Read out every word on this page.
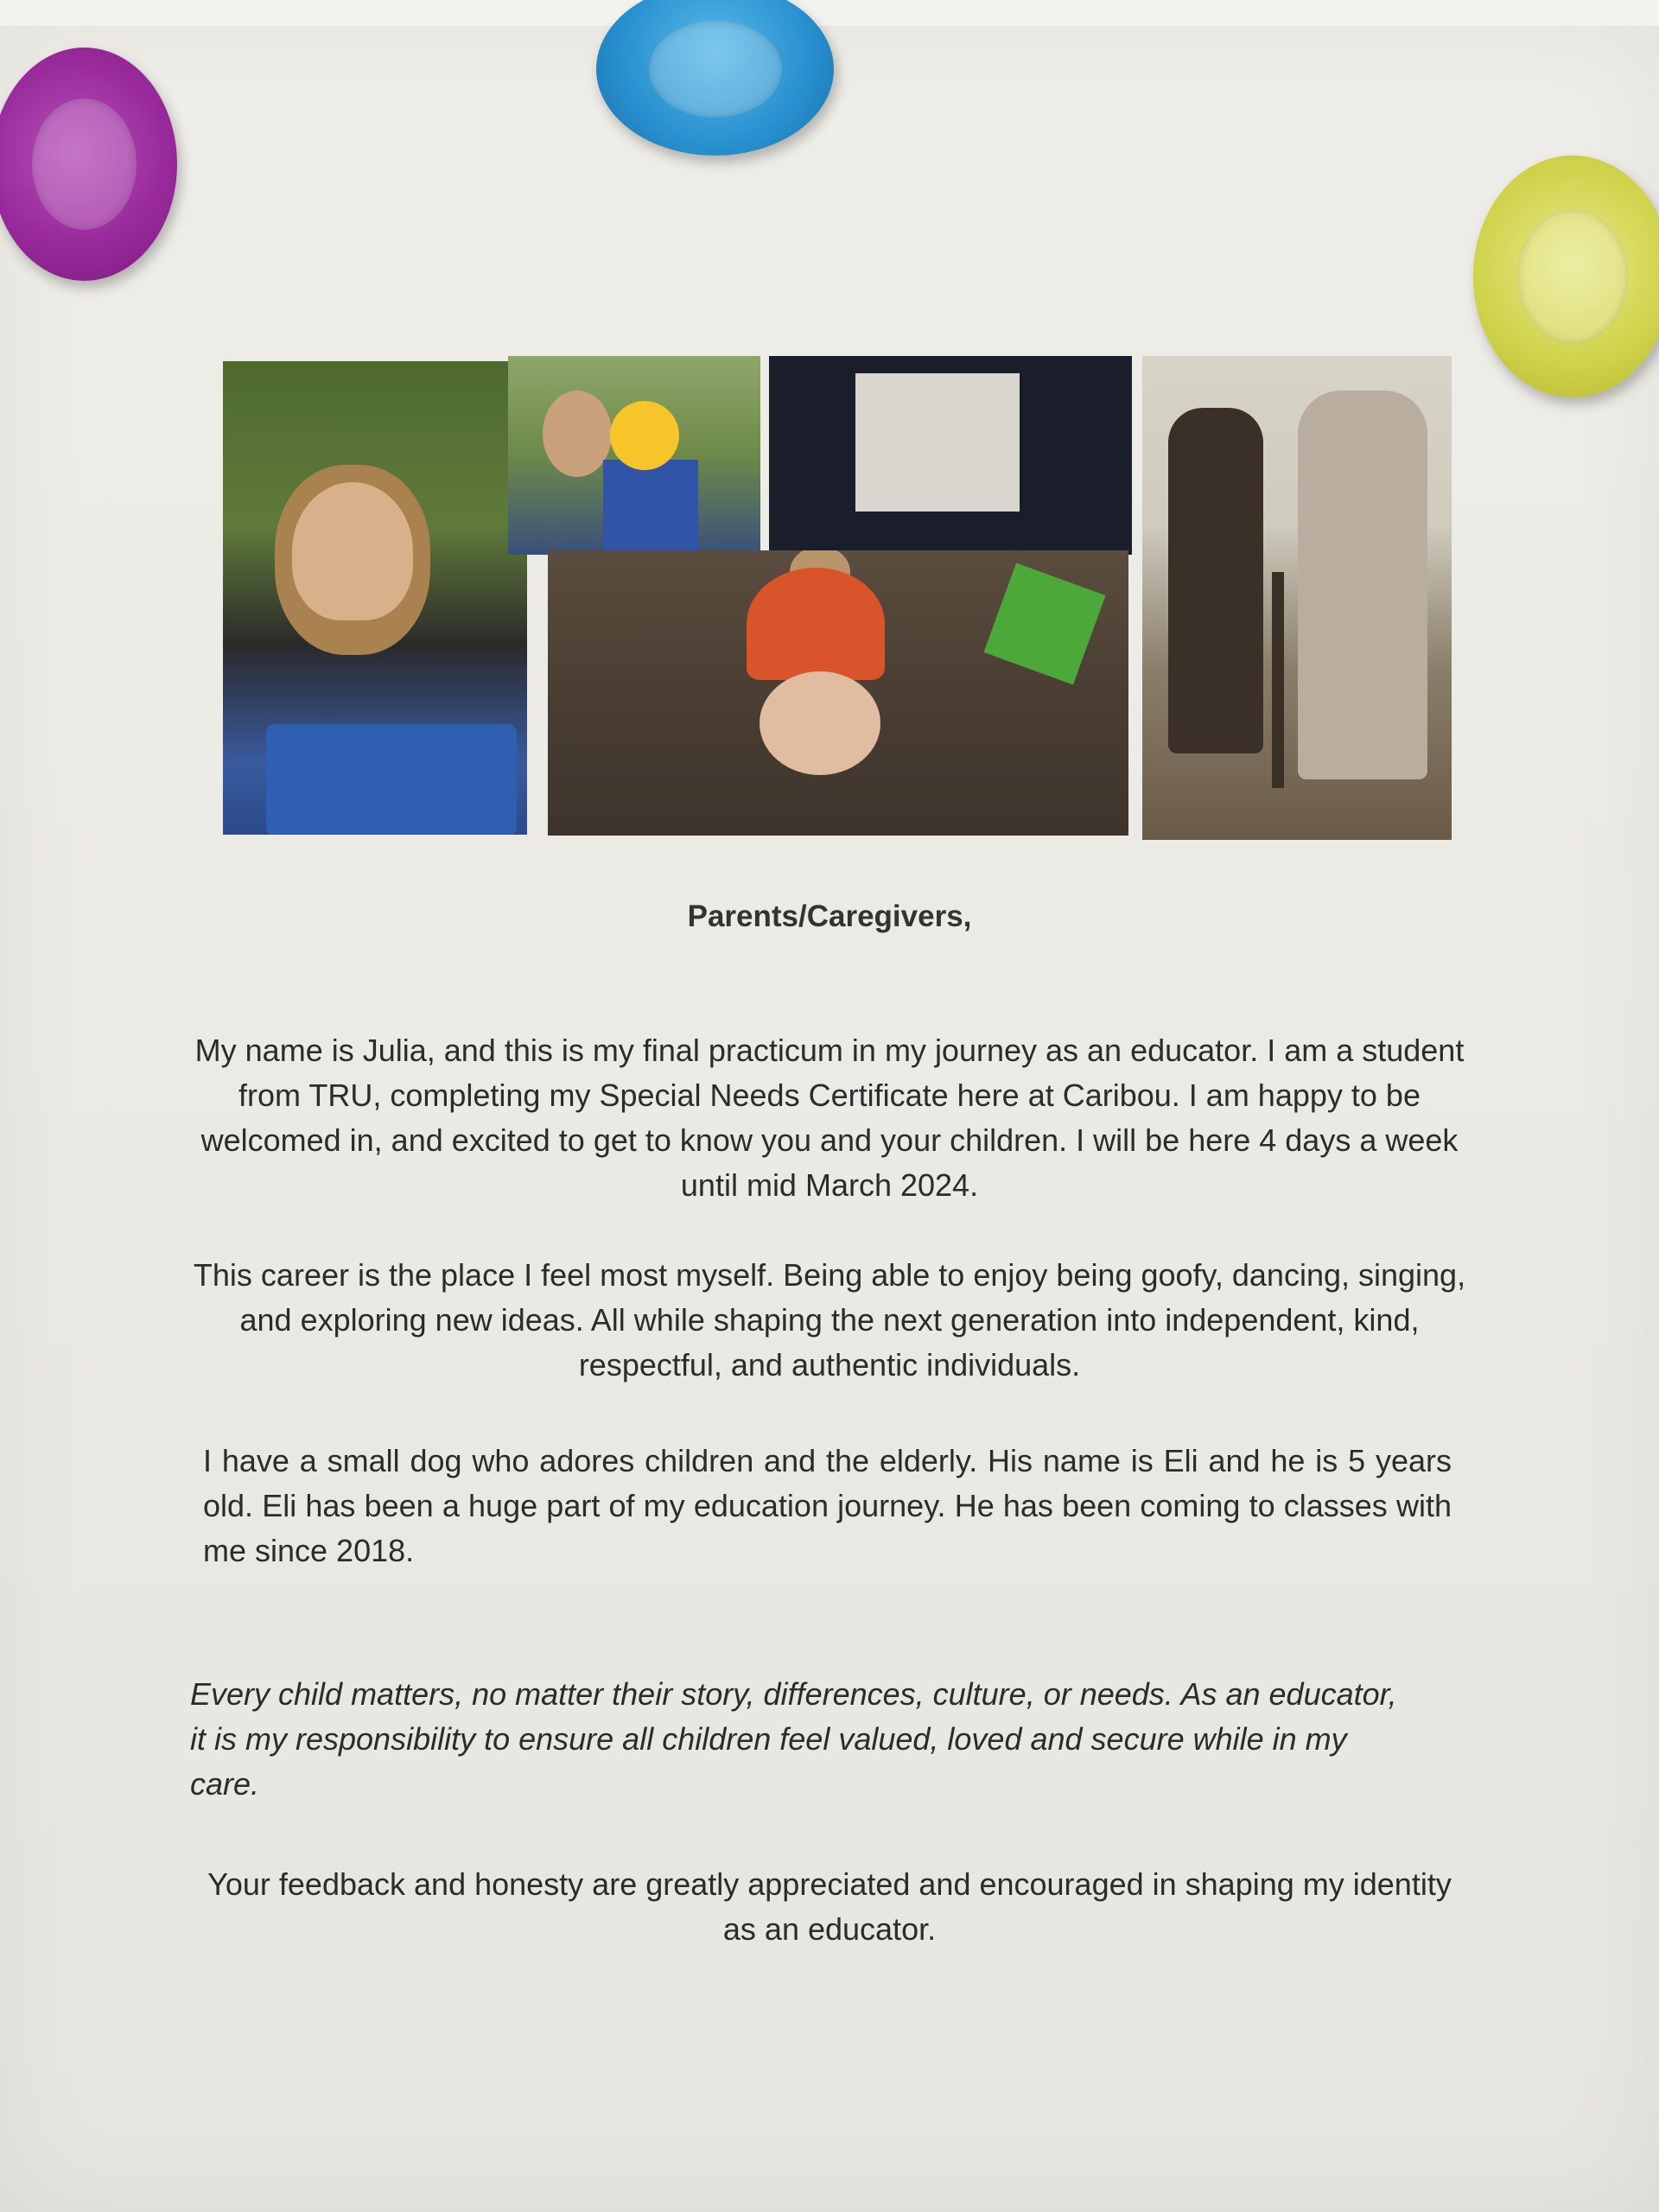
Parents/Caregivers,
My name is Julia, and this is my final practicum in my journey as an educator. I am a student from TRU, completing my Special Needs Certificate here at Caribou. I am happy to be welcomed in, and excited to get to know you and your children. I will be here 4 days a week until mid March 2024.
This career is the place I feel most myself. Being able to enjoy being goofy, dancing, singing, and exploring new ideas. All while shaping the next generation into independent, kind, respectful, and authentic individuals.
I have a small dog who adores children and the elderly. His name is Eli and he is 5 years old. Eli has been a huge part of my education journey. He has been coming to classes with me since 2018.
Every child matters, no matter their story, differences, culture, or needs. As an educator, it is my responsibility to ensure all children feel valued, loved and secure while in my care.
Your feedback and honesty are greatly appreciated and encouraged in shaping my identity as an educator.
